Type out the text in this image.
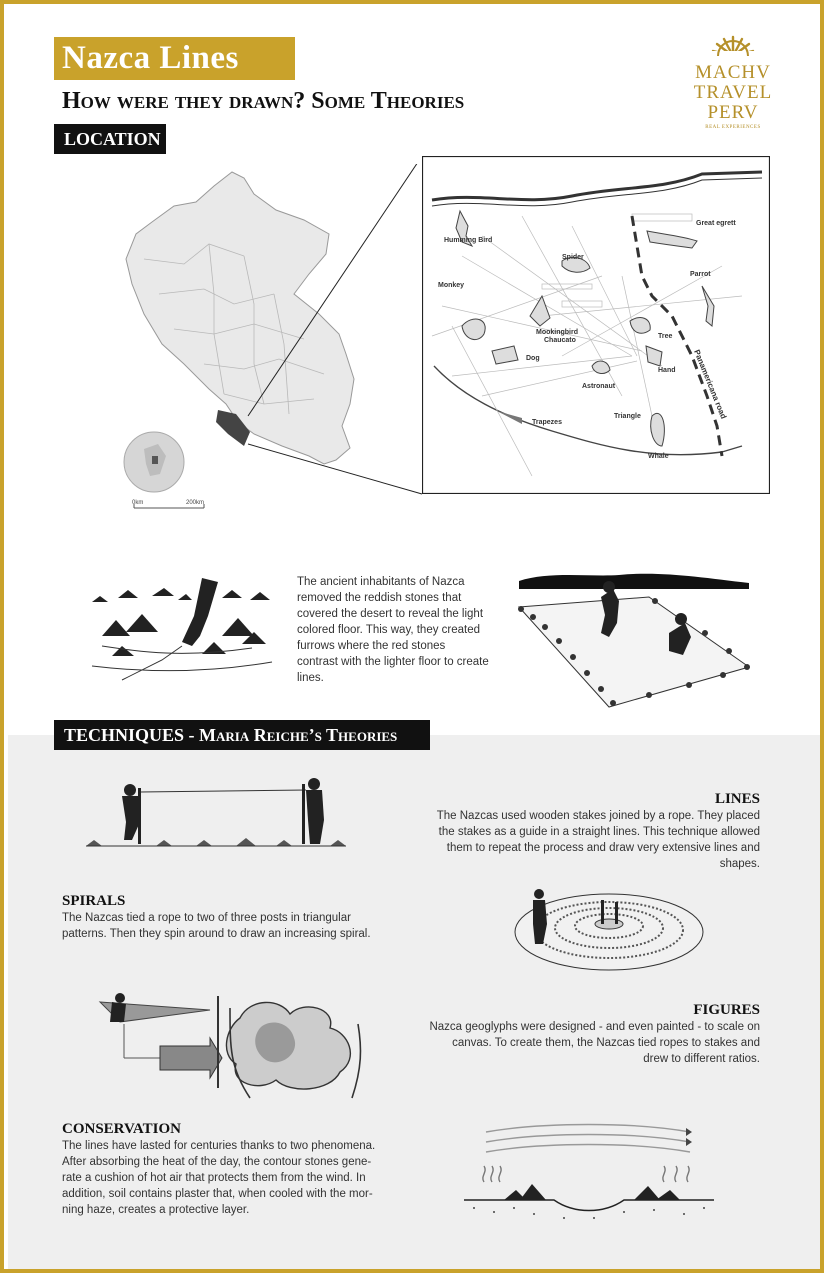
Nazca Lines
How were they drawn? Some Theories
MACHV
TRAVEL
PERV
REAL EXPERIENCES
LOCATION
0km	200km
Humming Bird
Spider
Great egrett
Parrot
Monkey
Mookingbird
Chaucato
Tree
Dog
Hand
Astronaut
Trapezes
Triangle
Whale
Panamericana road
The ancient inhabitants of Nazca removed the reddish stones that covered the desert to reveal the light colored floor. This way, they created furrows where the red stones contrast with the lighter floor to create lines.
TECHNIQUES - Maria Reiche’s Theories
LINES
The Nazcas used wooden stakes joined by a rope. They placed the stakes as a guide in a straight lines. This technique allowed them to repeat the process and draw very extensive lines and shapes.
SPIRALS
The Nazcas tied a rope to two of three posts in triangular patterns. Then they spin around to draw an increasing spiral.
FIGURES
Nazca geoglyphs were designed - and even painted - to scale on canvas. To create them, the Nazcas tied ropes to stakes and drew to different ratios.
CONSERVATION
The lines have lasted for centuries thanks to two phenomena. After absorbing the heat of the day, the contour stones gene-rate a cushion of hot air that protects them from the wind. In addition, soil contains plaster that, when cooled with the mor-ning haze, creates a protective layer.
